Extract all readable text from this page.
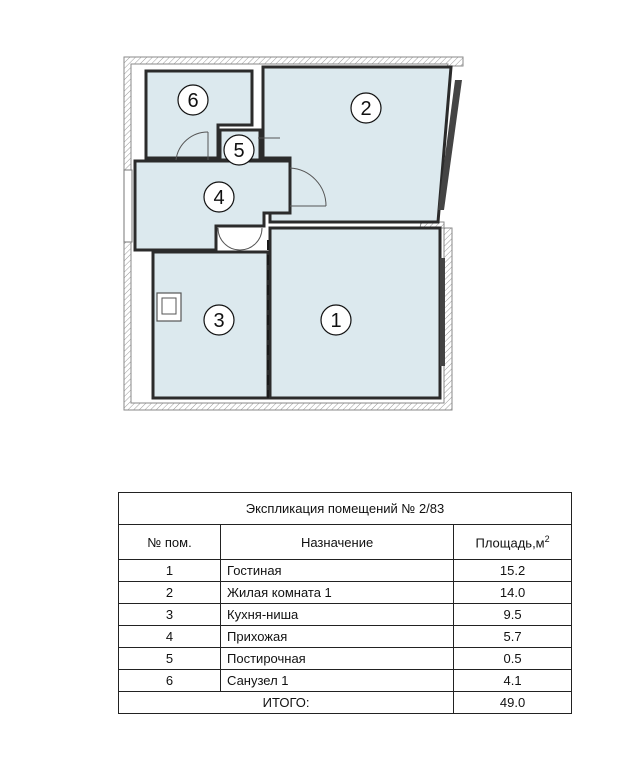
6	2
5
4
3	1
Экспликация помещений № 2/83		
№ пом.	Назначение	$Площадь,м^2$
1	Гостиная	15.2
2	Жилая комната 1	14.0
3	Кухня-ниша	9.5
4	Прихожая	5.7
5	Постирочная	0.5
6	Санузел 1	4.1
ИТОГО:		49.0
